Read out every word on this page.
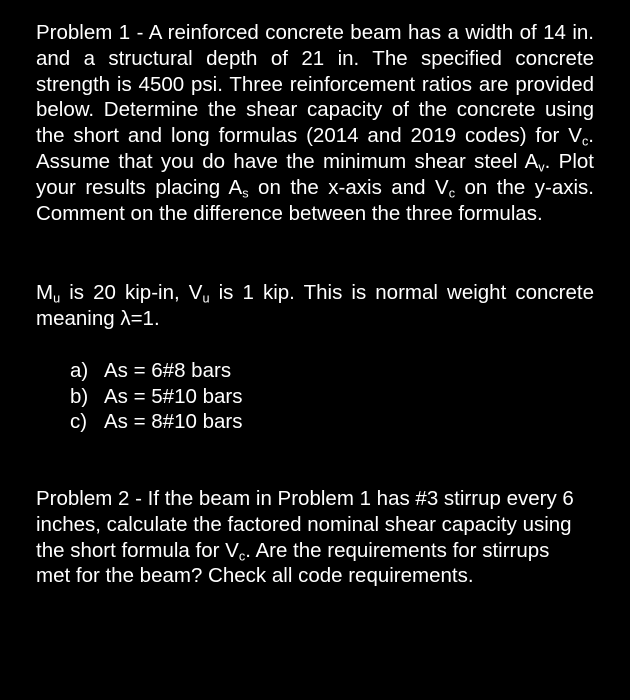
Problem 1 - A reinforced concrete beam has a width of 14 in. and a structural depth of 21 in. The specified concrete strength is 4500 psi. Three reinforcement ratios are provided below. Determine the shear capacity of the concrete using the short and long formulas (2014 and 2019 codes) for $V_c$. Assume that you do have the minimum shear steel $A_v$. Plot your results placing $A_s$ on the x-axis and $V_c$ on the y-axis. Comment on the difference between the three formulas.
$M_u$ is 20 kip-in, $V_u$ is 1 kip. This is normal weight concrete meaning λ=1.
a) As = 6#8 bars
b) As = 5#10 bars
c) As = 8#10 bars
Problem 2 - If the beam in Problem 1 has #3 stirrup every 6 inches, calculate the factored nominal shear capacity using the short formula for $V_c$. Are the requirements for stirrups met for the beam? Check all code requirements.
